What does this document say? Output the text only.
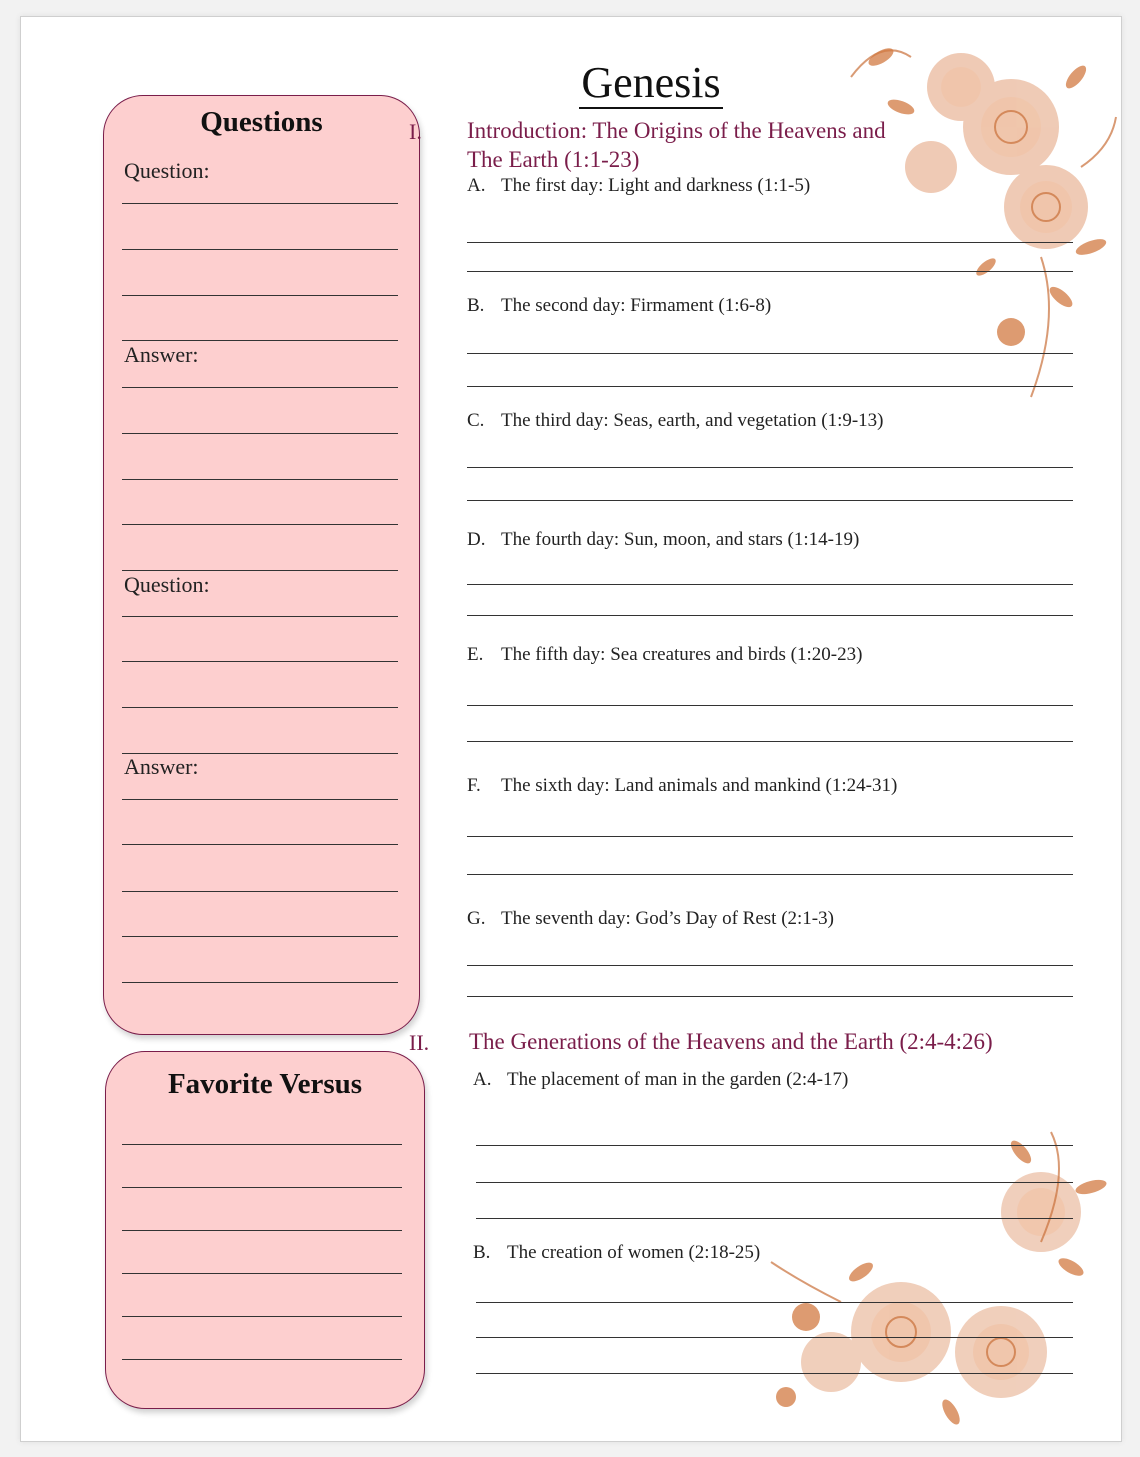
Genesis
Questions
Question:
Answer:
Question:
Answer:
Favorite Versus
I. Introduction: The Origins of the Heavens and
The Earth (1:1-23)
A. The first day: Light and darkness (1:1-5)
B. The second day: Firmament (1:6-8)
C. The third day: Seas, earth, and vegetation (1:9-13)
D. The fourth day: Sun, moon, and stars (1:14-19)
E. The fifth day: Sea creatures and birds (1:20-23)
F. The sixth day: Land animals and mankind (1:24-31)
G. The seventh day: God’s Day of Rest (2:1-3)
II. The Generations of the Heavens and the Earth (2:4-4:26)
A. The placement of man in the garden (2:4-17)
B. The creation of women (2:18-25)
